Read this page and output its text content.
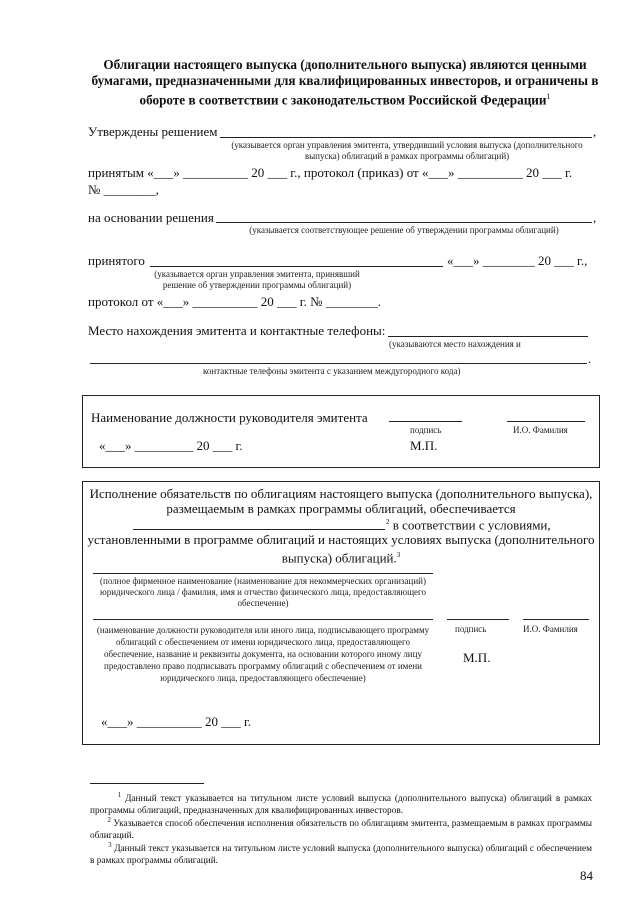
Облигации настоящего выпуска (дополнительного выпуска) являются ценными бумагами, предназначенными для квалифицированных инвесторов, и ограничены в обороте в соответствии с законодательством Российской Федерации$^1$
Утверждены решением	,
(указывается орган управления эмитента, утвердивший условия выпуска (дополнительного выпуска) облигаций в рамках программы облигаций)
принятым «___» __________ 20 ___ г., протокол (приказ) от «___» __________ 20 ___ г.
№ ________,
на основании решения	,
(указывается соответствующее решение об утверждении программы облигаций)
принятого	«___» ________ 20 ___ г.,
(указывается орган управления эмитента, принявший решение об утверждении программы облигаций)
протокол от «___» __________ 20 ___ г. № ________.
Место нахождения эмитента и контактные телефоны:
(указываются место нахождения и
.
контактные телефоны эмитента с указанием междугородного кода)
Наименование должности руководителя эмитента
подпись	И.О. Фамилия
«___» _________ 20 ___ г.	М.П.
Исполнение обязательств по облигациям настоящего выпуска (дополнительного выпуска),
размещаемым в рамках программы облигаций, обеспечивается
$^2$ в соответствии с условиями,
установленными в программе облигаций и настоящих условиях выпуска (дополнительного
выпуска) облигаций.$^3$
(полное фирменное наименование (наименование для некоммерческих организаций) юридического лица / фамилия, имя и отчество физического лица, предоставляющего обеспечение)
(наименование должности руководителя или иного лица, подписывающего программу облигаций с обеспечением от имени юридического лица, предоставляющего обеспечение, название и реквизиты документа, на основании которого иному лицу предоставлено право подписывать программу облигаций с обеспечением от имени юридического лица, предоставляющего обеспечение)
подпись	И.О. Фамилия
М.П.
«___» __________ 20 ___ г.
$^1$ Данный текст указывается на титульном листе условий выпуска (дополнительного выпуска) облигаций в рамках программы облигаций, предназначенных для квалифицированных инвесторов.
$^2$ Указывается способ обеспечения исполнения обязательств по облигациям эмитента, размещаемым в рамках программы облигаций.
$^3$ Данный текст указывается на титульном листе условий выпуска (дополнительного выпуска) облигаций с обеспечением в рамках программы облигаций.
84
